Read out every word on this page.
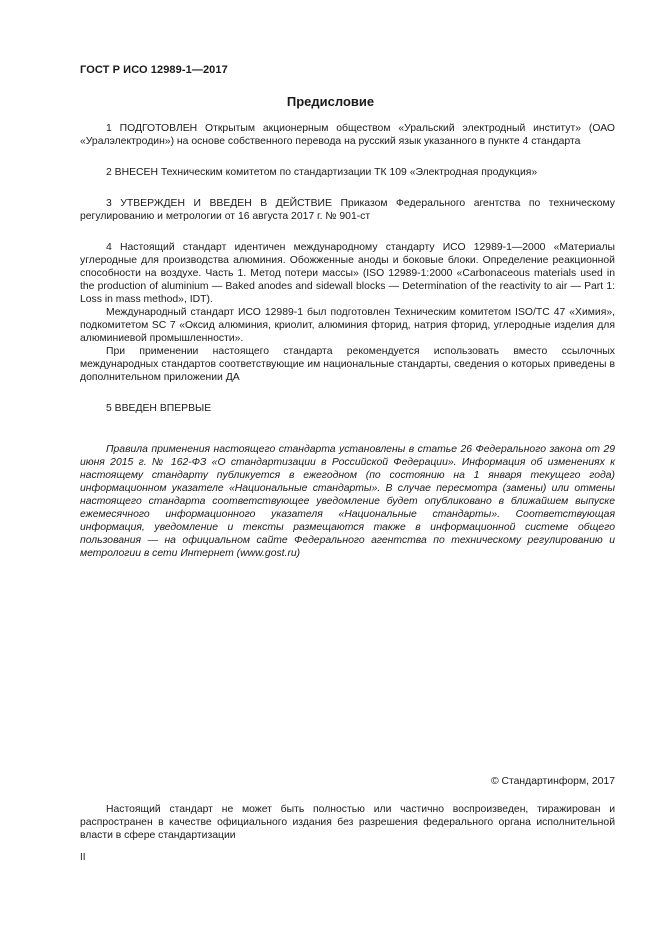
ГОСТ Р ИСО 12989-1—2017
Предисловие

1 ПОДГОТОВЛЕН Открытым акционерным обществом «Уральский электродный институт» (ОАО «Уралэлектродин») на основе собственного перевода на русский язык указанного в пункте 4 стандарта

2 ВНЕСЕН Техническим комитетом по стандартизации ТК 109 «Электродная продукция»

3 УТВЕРЖДЕН И ВВЕДЕН В ДЕЙСТВИЕ Приказом Федерального агентства по техническому регулированию и метрологии от 16 августа 2017 г. № 901-ст

4 Настоящий стандарт идентичен международному стандарту ИСО 12989-1—2000 «Материалы углеродные для производства алюминия. Обожженные аноды и боковые блоки. Определение реакционной способности на воздухе. Часть 1. Метод потери массы» (ISO 12989-1:2000 «Carbonaceous materials used in the production of aluminium — Baked anodes and sidewall blocks — Determination of the reactivity to air — Part 1: Loss in mass method», IDT).

Международный стандарт ИСО 12989-1 был подготовлен Техническим комитетом ISO/TC 47 «Химия», подкомитетом SC 7 «Оксид алюминия, криолит, алюминия фторид, натрия фторид, углеродные изделия для алюминиевой промышленности».

При применении настоящего стандарта рекомендуется использовать вместо ссылочных международных стандартов соответствующие им национальные стандарты, сведения о которых приведены в дополнительном приложении ДА

5 ВВЕДЕН ВПЕРВЫЕ

Правила применения настоящего стандарта установлены в статье 26 Федерального закона от 29 июня 2015 г. № 162-ФЗ «О стандартизации в Российской Федерации». Информация об изменениях к настоящему стандарту публикуется в ежегодном (по состоянию на 1 января текущего года) информационном указателе «Национальные стандарты». В случае пересмотра (замены) или отмены настоящего стандарта соответствующее уведомление будет опубликовано в ближайшем выпуске ежемесячного информационного указателя «Национальные стандарты». Соответствующая информация, уведомление и тексты размещаются также в информационной системе общего пользования — на официальном сайте Федерального агентства по техническому регулированию и метрологии в сети Интернет (www.gost.ru)

© Стандартинформ, 2017

Настоящий стандарт не может быть полностью или частично воспроизведен, тиражирован и распространен в качестве официального издания без разрешения федерального органа исполнительной власти в сфере стандартизации

II
